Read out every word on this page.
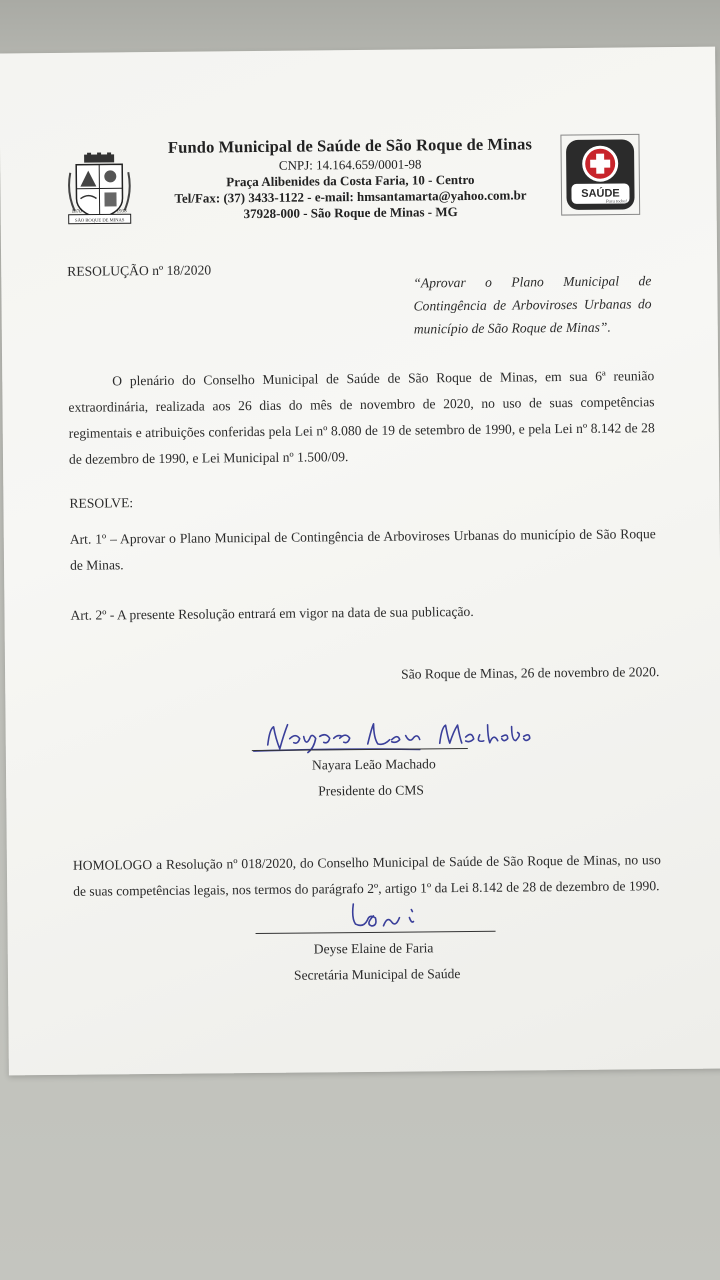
1870	1938
SÃO ROQUE DE MINAS
Fundo Municipal de Saúde de São Roque de Minas
CNPJ: 14.164.659/0001-98
Praça Alibenides da Costa Faria, 10 - Centro
Tel/Fax: (37) 3433-1122 - e-mail: hmsantamarta@yahoo.com.br
37928-000 - São Roque de Minas - MG
SAÚDE
Para todos!
RESOLUÇÃO nº 18/2020
“Aprovar o Plano Municipal de Contingência de Arboviroses Urbanas do município de São Roque de Minas”.
O plenário do Conselho Municipal de Saúde de São Roque de Minas, em sua 6ª reunião extraordinária, realizada aos 26 dias do mês de novembro de 2020, no uso de suas competências regimentais e atribuições conferidas pela Lei nº 8.080 de 19 de setembro de 1990, e pela Lei nº 8.142 de 28 de dezembro de 1990, e Lei Municipal nº 1.500/09.
RESOLVE:
Art. 1º – Aprovar o Plano Municipal de Contingência de Arboviroses Urbanas do município de São Roque de Minas.
Art. 2º - A presente Resolução entrará em vigor na data de sua publicação.
São Roque de Minas, 26 de novembro de 2020.
Nayara Leão Machado
Presidente do CMS
HOMOLOGO a Resolução nº 018/2020, do Conselho Municipal de Saúde de São Roque de Minas, no uso de suas competências legais, nos termos do parágrafo 2º, artigo 1º da Lei 8.142 de 28 de dezembro de 1990.
Deyse Elaine de Faria
Secretária Municipal de Saúde
